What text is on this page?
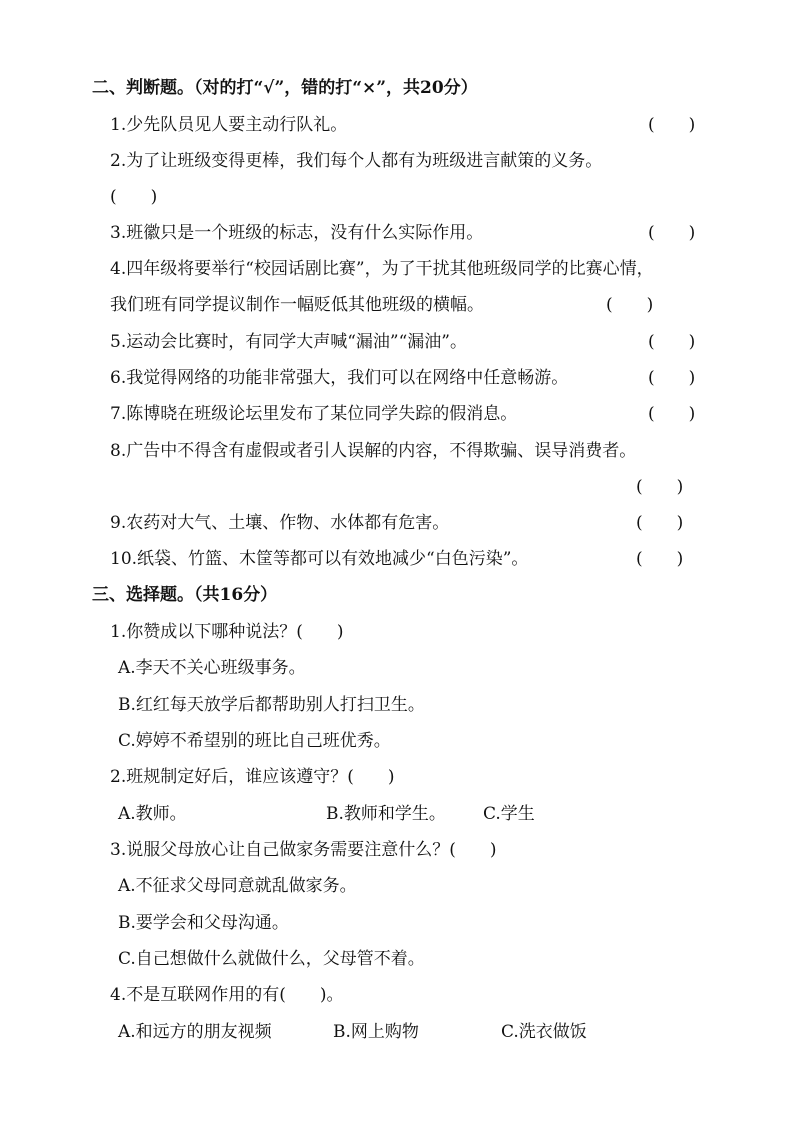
二、判断题。（对的打“√”，错的打“×”，共20分）
1.少先队员见人要主动行队礼。	(　　)
2.为了让班级变得更棒，我们每个人都有为班级进言献策的义务。
(　　)
3.班徽只是一个班级的标志，没有什么实际作用。	(　　)
4.四年级将要举行“校园话剧比赛”，为了干扰其他班级同学的比赛心情，
我们班有同学提议制作一幅贬低其他班级的横幅。	(　　)
5.运动会比赛时，有同学大声喊“漏油”“漏油”。	(　　)
6.我觉得网络的功能非常强大，我们可以在网络中任意畅游。	(　　)
7.陈博晓在班级论坛里发布了某位同学失踪的假消息。	(　　)
8.广告中不得含有虚假或者引人误解的内容，不得欺骗、误导消费者。
(　　)
9.农药对大气、土壤、作物、水体都有危害。	(　　)
10.纸袋、竹篮、木筐等都可以有效地减少“白色污染”。	(　　)
三、选择题。（共16分）
1.你赞成以下哪种说法？(　　)
A.李天不关心班级事务。
B.红红每天放学后都帮助别人打扫卫生。
C.婷婷不希望别的班比自己班优秀。
2.班规制定好后，谁应该遵守？(　　)
A.教师。	B.教师和学生。 C.学生
3.说服父母放心让自己做家务需要注意什么？(　　)
A.不征求父母同意就乱做家务。
B.要学会和父母沟通。
C.自己想做什么就做什么，父母管不着。
4.不是互联网作用的有(　　)。
A.和远方的朋友视频	B.网上购物	C.洗衣做饭
